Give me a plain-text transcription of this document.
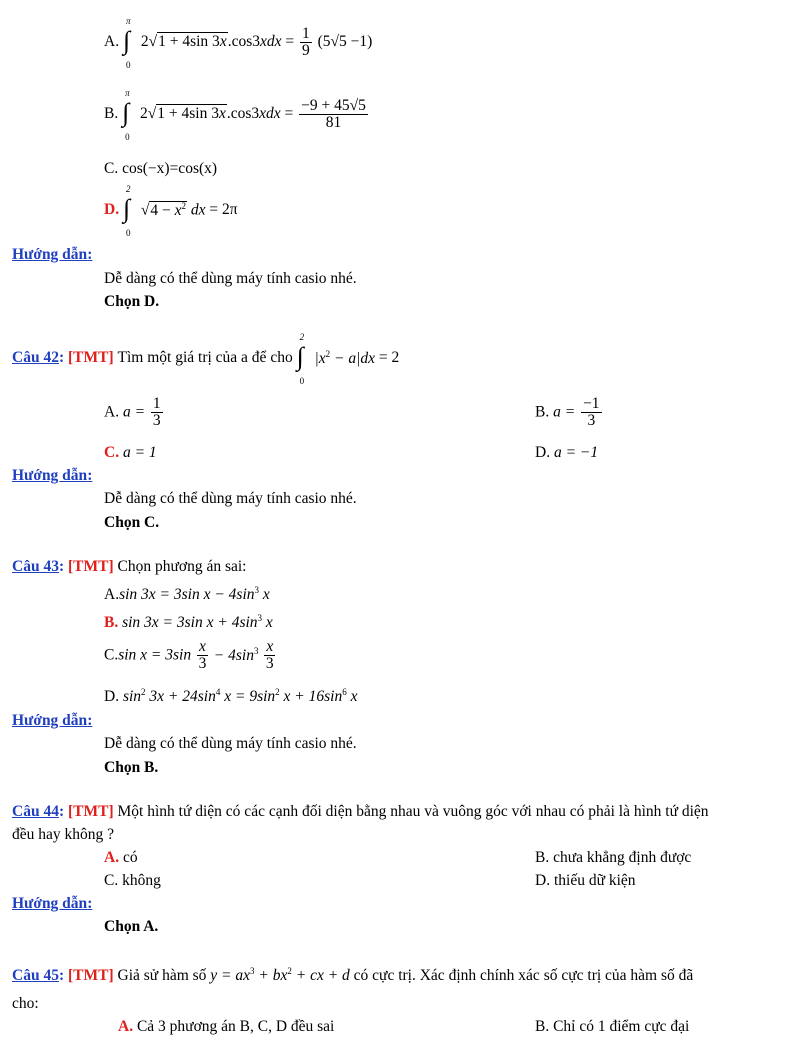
A.
π
∫
0
2√1 + 4sin $3x.\cos 3xdx = \frac{1}{9} (5√5 -1)$
B.
π
∫
0
2√1 + 4sin $3x.\cos 3xdx = \frac{-9 + 45√5}{81}$
C. cos(−x)=cos(x)
D.
2
∫
0
$√4 - x^2$ dx = 2π
Hướng dẫn:
Dễ dàng có thể dùng máy tính casio nhé.
Chọn D.
Câu 42: [TMT] Tìm một giá trị của a để cho
2
∫
0
$|x^2 - a|dx = 2$
A. $a = \frac{1}{3}$	B. $a = \frac{-1}{3}$
C. a = 1	D. a = −1
Hướng dẫn:
Dễ dàng có thể dùng máy tính casio nhé.
Chọn C.
Câu 43: [TMT] Chọn phương án sai:
A.sin 3x = 3sin $x - 4\sin^3$ x
B. sin 3x = 3sin $x + 4\sin^3$ x
C.sin $x = 3\sin \frac{x}{3} - 4\sin^3 \frac{x}{3}$
D. $\sin^2 3x + 24\sin^4$ $x = 9\sin^2$ $x + 16\sin^6$ x
Hướng dẫn:
Dễ dàng có thể dùng máy tính casio nhé.
Chọn B.
Câu 44: [TMT] Một hình tứ diện có các cạnh đối diện bằng nhau và vuông góc với nhau có phải là hình tứ diện
đều hay không ?
A. có	B. chưa khẳng định được
C. không	D. thiếu dữ kiện
Hướng dẫn:
Chọn A.
Câu 45: [TMT] Giả sử hàm số $y = ax^3 + bx^2$ + cx + d có cực trị. Xác định chính xác số cực trị của hàm số đã
cho:
A. Cả 3 phương án B, C, D đều sai	B. Chỉ có 1 điểm cực đại
